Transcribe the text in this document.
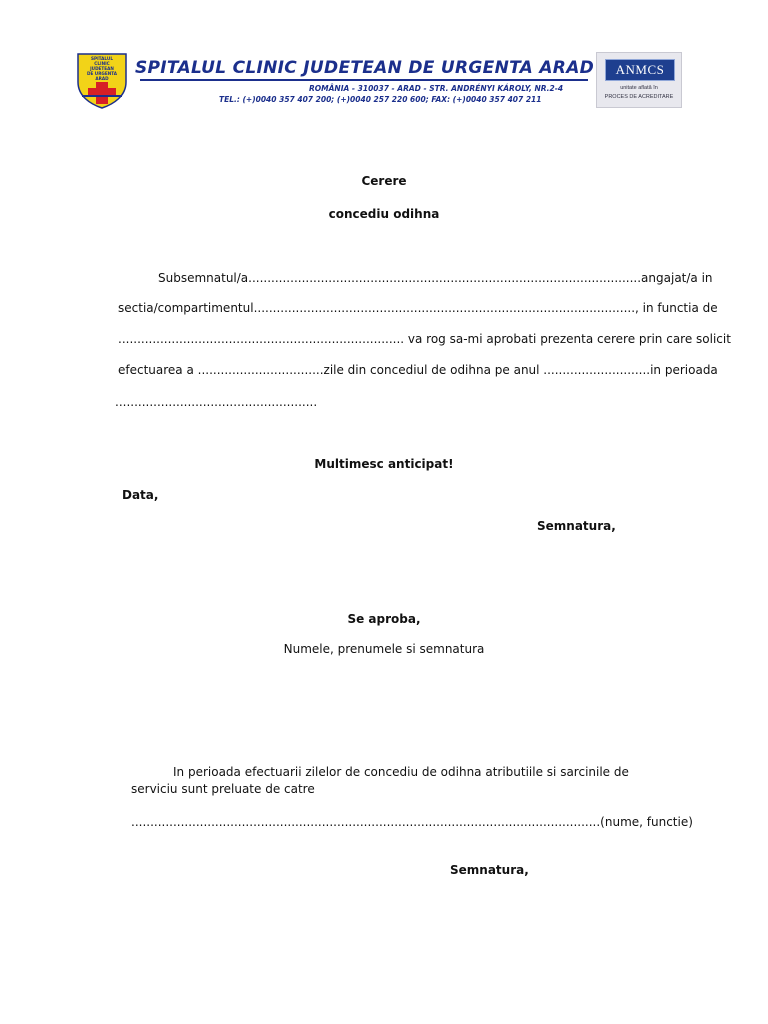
SPITALUL
CLINIC
JUDETEAN
DE URGENTA
ARAD
SPITALUL CLINIC JUDETEAN DE URGENTA ARAD
ROMÂNIA - 310037 - ARAD - STR. ANDRÉNYI KÁROLY, NR.2-4
TEL.: (+)0040 357 407 200; (+)0040 257 220 600; FAX: (+)0040 357 407 211
ANMCS
unitate aflată în
PROCES DE ACREDITARE
Cerere
concediu odihna
Subsemnatul/a.......................................................................................................angajat/a in
sectia/compartimentul...................................................................................................., in functia de
........................................................................... va rog sa-mi aprobati prezenta cerere prin care solicit
efectuarea a .................................zile din concediul de odihna pe anul ............................in perioada
.....................................................
Multimesc anticipat!
Data,
Semnatura,
Se aproba,
Numele, prenumele si semnatura
In perioada efectuarii zilelor de concediu de odihna atributiile si sarcinile de
serviciu sunt preluate de catre
...........................................................................................................................(nume, functie)
Semnatura,
